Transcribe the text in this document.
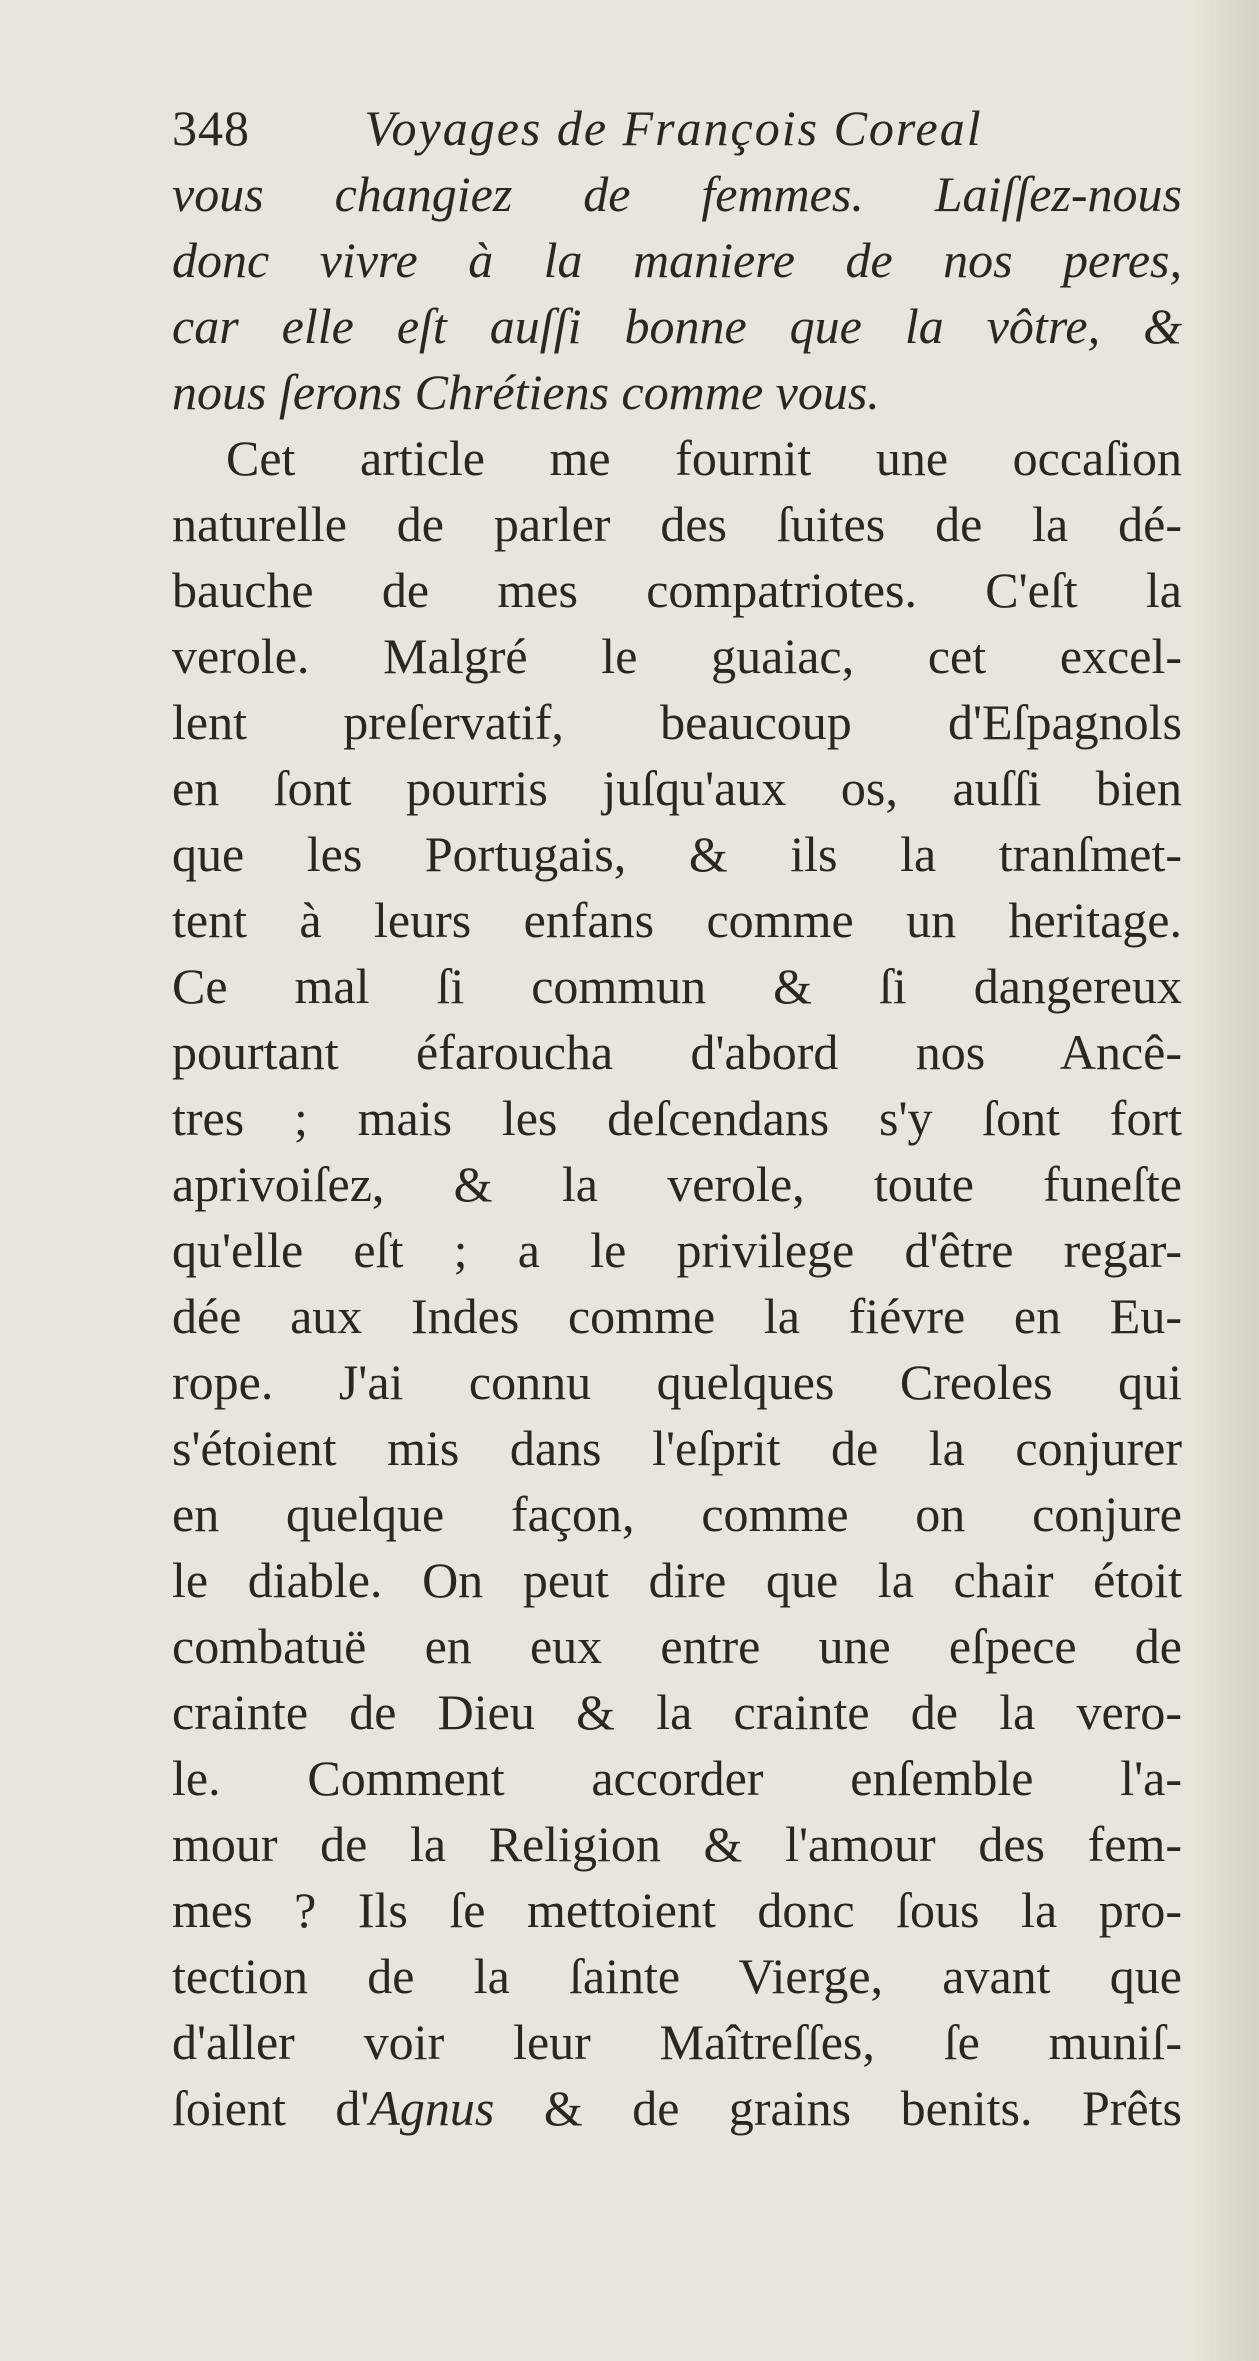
348 Voyages de François Coreal
vous changiez de femmes. Laiſſez-nous
donc vivre à la maniere de nos peres,
car elle eſt auſſi bonne que la vôtre, &
nous ſerons Chrétiens comme vous.
Cet article me fournit une occaſion
naturelle de parler des ſuites de la dé-
bauche de mes compatriotes. C'eſt la
verole. Malgré le guaiac, cet excel-
lent preſervatif, beaucoup d'Eſpagnols
en ſont pourris juſqu'aux os, auſſi bien
que les Portugais, & ils la tranſmet-
tent à leurs enfans comme un heritage.
Ce mal ſi commun & ſi dangereux
pourtant éfaroucha d'abord nos Ancê-
tres ; mais les deſcendans s'y ſont fort
aprivoiſez, & la verole, toute funeſte
qu'elle eſt ; a le privilege d'être regar-
dée aux Indes comme la fiévre en Eu-
rope. J'ai connu quelques Creoles qui
s'étoient mis dans l'eſprit de la conjurer
en quelque façon, comme on conjure
le diable. On peut dire que la chair étoit
combatuë en eux entre une eſpece de
crainte de Dieu & la crainte de la vero-
le. Comment accorder enſemble l'a-
mour de la Religion & l'amour des fem-
mes ? Ils ſe mettoient donc ſous la pro-
tection de la ſainte Vierge, avant que
d'aller voir leur Maîtreſſes, ſe muniſ-
ſoient d'Agnus & de grains benits. Prêts
